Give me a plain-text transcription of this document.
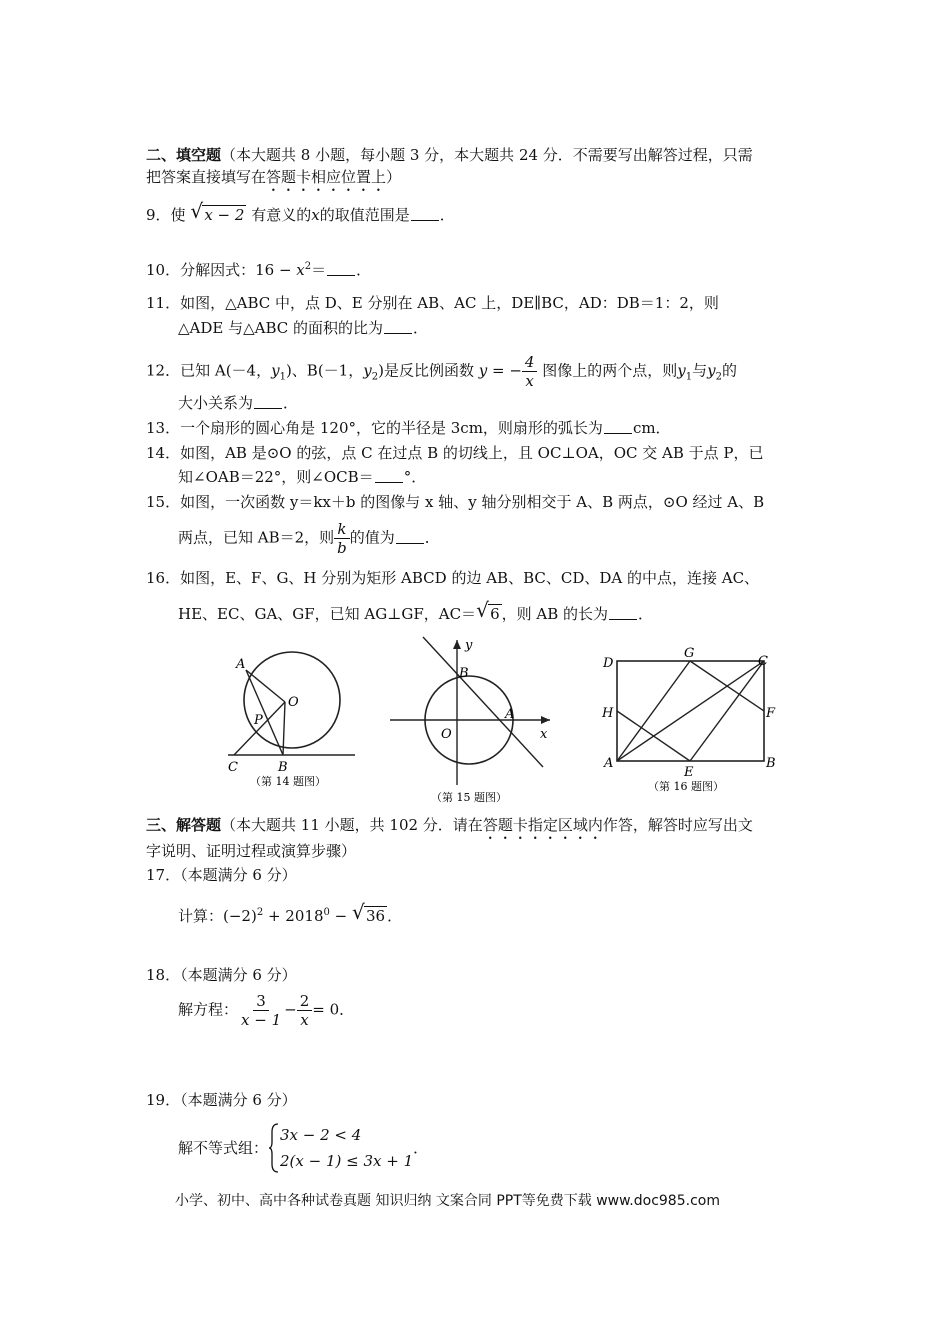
二、填空题（本大题共 8 小题，每小题 3 分，本大题共 24 分．不需要写出解答过程，只需
把答案直接填写在答题卡相应位置上）
9．使 √ x − 2 有意义的x的取值范围是 ．
10．分解因式：$16 - x^2=$ ．
11．如图，△ABC 中，点 D、E 分别在 AB、AC 上，DE∥BC，AD：DB＝1：2，则
△ADE 与△ABC 的面积的比为 ．
12．已知 A(－4，$y_1$)、B(－1，$y_2$)是反比例函数 y = − $\frac{4}{x}$ 图像上的两个点，则$y_1$与$y_2$的
大小关系为 ．
13．一个扇形的圆心角是 120°，它的半径是 3cm，则扇形的弧长为 cm．
14．如图，AB 是⊙O 的弦，点 C 在过点 B 的切线上，且 OC⊥OA，OC 交 AB 于点 P，已
知∠OAB＝22°，则∠OCB＝ °．
15．如图，一次函数 y＝kx＋b 的图像与 x 轴、y 轴分别相交于 A、B 两点，⊙O 经过 A、B
两点，已知 AB＝2，则 $\frac{k}{b}$ 的值为 ．
16．如图，E、F、G、H 分别为矩形 ABCD 的边 AB、BC、CD、DA 的中点，连接 AC、
HE、EC、GA、GF，已知 AG⊥GF，AC＝ √ 6 ，则 AB 的长为 ．
A
O
P
C	B
（第 14 题图）
y
B
A
O	x
（第 15 题图）
D
G
C
H	F
A
E
B
（第 16 题图）
三、解答题（本大题共 11 小题，共 102 分．请在答题卡指定区域内作答，解答时应写出文
字说明、证明过程或演算步骤）
17．（本题满分 6 分）
计算：$(-2)^2 + 2018^0$ − √ 36 ．
18．（本题满分 6 分）
解方程： $\frac{3}{x - 1} - \frac{2}{x} = 0$．
19．（本题满分 6 分）
解不等式组：
3x − 2 < 4
2(x − 1) ≤ 3x + 1
．
小学、初中、高中各种试卷真题 知识归纳 文案合同 PPT等免费下载 www.doc985.com
